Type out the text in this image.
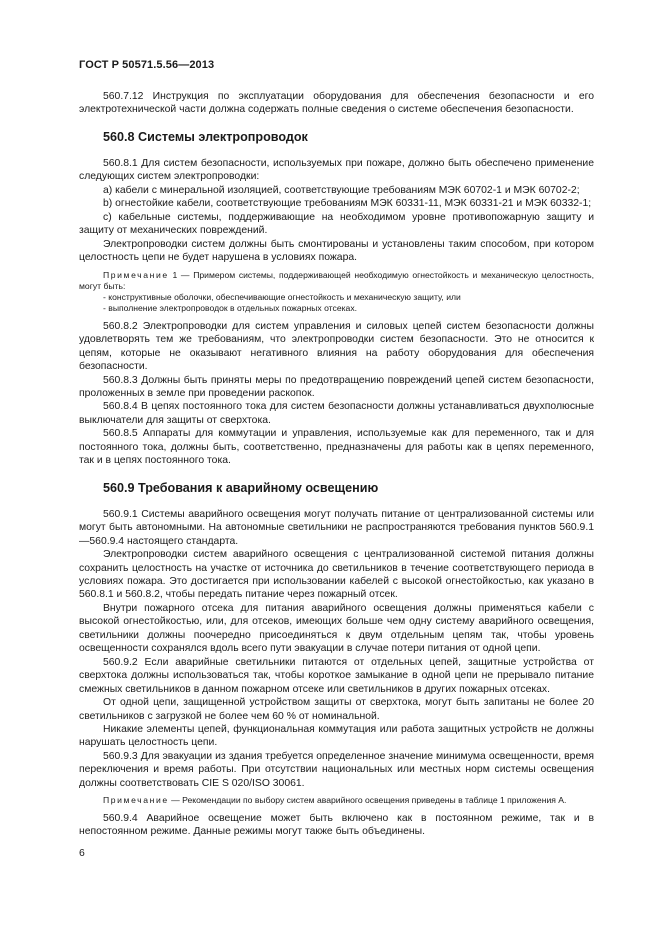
ГОСТ Р 50571.5.56—2013

560.7.12 Инструкция по эксплуатации оборудования для обеспечения безопасности и его электротехнической части должна содержать полные сведения о системе обеспечения безопасности.

560.8 Системы электропроводок

560.8.1 Для систем безопасности, используемых при пожаре, должно быть обеспечено применение следующих систем электропроводки:

а) кабели с минеральной изоляцией, соответствующие требованиям МЭК 60702-1 и МЭК 60702-2;

b) огнестойкие кабели, соответствующие требованиям МЭК 60331-11, МЭК 60331-21 и МЭК 60332-1;

с) кабельные системы, поддерживающие на необходимом уровне противопожарную защиту и защиту от механических повреждений.

Электропроводки систем должны быть смонтированы и установлены таким способом, при котором целостность цепи не будет нарушена в условиях пожара.

Примечание 1 — Примером системы, поддерживающей необходимую огнестойкость и механическую целостность, могут быть:

- конструктивные оболочки, обеспечивающие огнестойкость и механическую защиту, или

- выполнение электропроводок в отдельных пожарных отсеках.

560.8.2 Электропроводки для систем управления и силовых цепей систем безопасности должны удовлетворять тем же требованиям, что электропроводки систем безопасности. Это не относится к цепям, которые не оказывают негативного влияния на работу оборудования для обеспечения безопасности.

560.8.3 Должны быть приняты меры по предотвращению повреждений цепей систем безопасности, проложенных в земле при проведении раскопок.

560.8.4 В цепях постоянного тока для систем безопасности должны устанавливаться двухполюсные выключатели для защиты от сверхтока.

560.8.5 Аппараты для коммутации и управления, используемые как для переменного, так и для постоянного тока, должны быть, соответственно, предназначены для работы как в цепях переменного, так и в цепях постоянного тока.

560.9 Требования к аварийному освещению

560.9.1 Системы аварийного освещения могут получать питание от централизованной системы или могут быть автономными. На автономные светильники не распространяются требования пунктов 560.9.1—560.9.4 настоящего стандарта.

Электропроводки систем аварийного освещения с централизованной системой питания должны сохранить целостность на участке от источника до светильников в течение соответствующего периода в условиях пожара. Это достигается при использовании кабелей с высокой огнестойкостью, как указано в 560.8.1 и 560.8.2, чтобы передать питание через пожарный отсек.

Внутри пожарного отсека для питания аварийного освещения должны применяться кабели с высокой огнестойкостью, или, для отсеков, имеющих больше чем одну систему аварийного освещения, светильники должны поочередно присоединяться к двум отдельным цепям так, чтобы уровень освещенности сохранялся вдоль всего пути эвакуации в случае потери питания от одной цепи.

560.9.2 Если аварийные светильники питаются от отдельных цепей, защитные устройства от сверхтока должны использоваться так, чтобы короткое замыкание в одной цепи не прерывало питание смежных светильников в данном пожарном отсеке или светильников в других пожарных отсеках.

От одной цепи, защищенной устройством защиты от сверхтока, могут быть запитаны не более 20 светильников с загрузкой не более чем 60 % от номинальной.

Никакие элементы цепей, функциональная коммутация или работа защитных устройств не должны нарушать целостность цепи.

560.9.3 Для эвакуации из здания требуется определенное значение минимума освещенности, время переключения и время работы. При отсутствии национальных или местных норм системы освещения должны соответствовать CIE S 020/ISO 30061.

Примечание — Рекомендации по выбору систем аварийного освещения приведены в таблице 1 приложения А.

560.9.4 Аварийное освещение может быть включено как в постоянном режиме, так и в непостоянном режиме. Данные режимы могут также быть объединены.

6
